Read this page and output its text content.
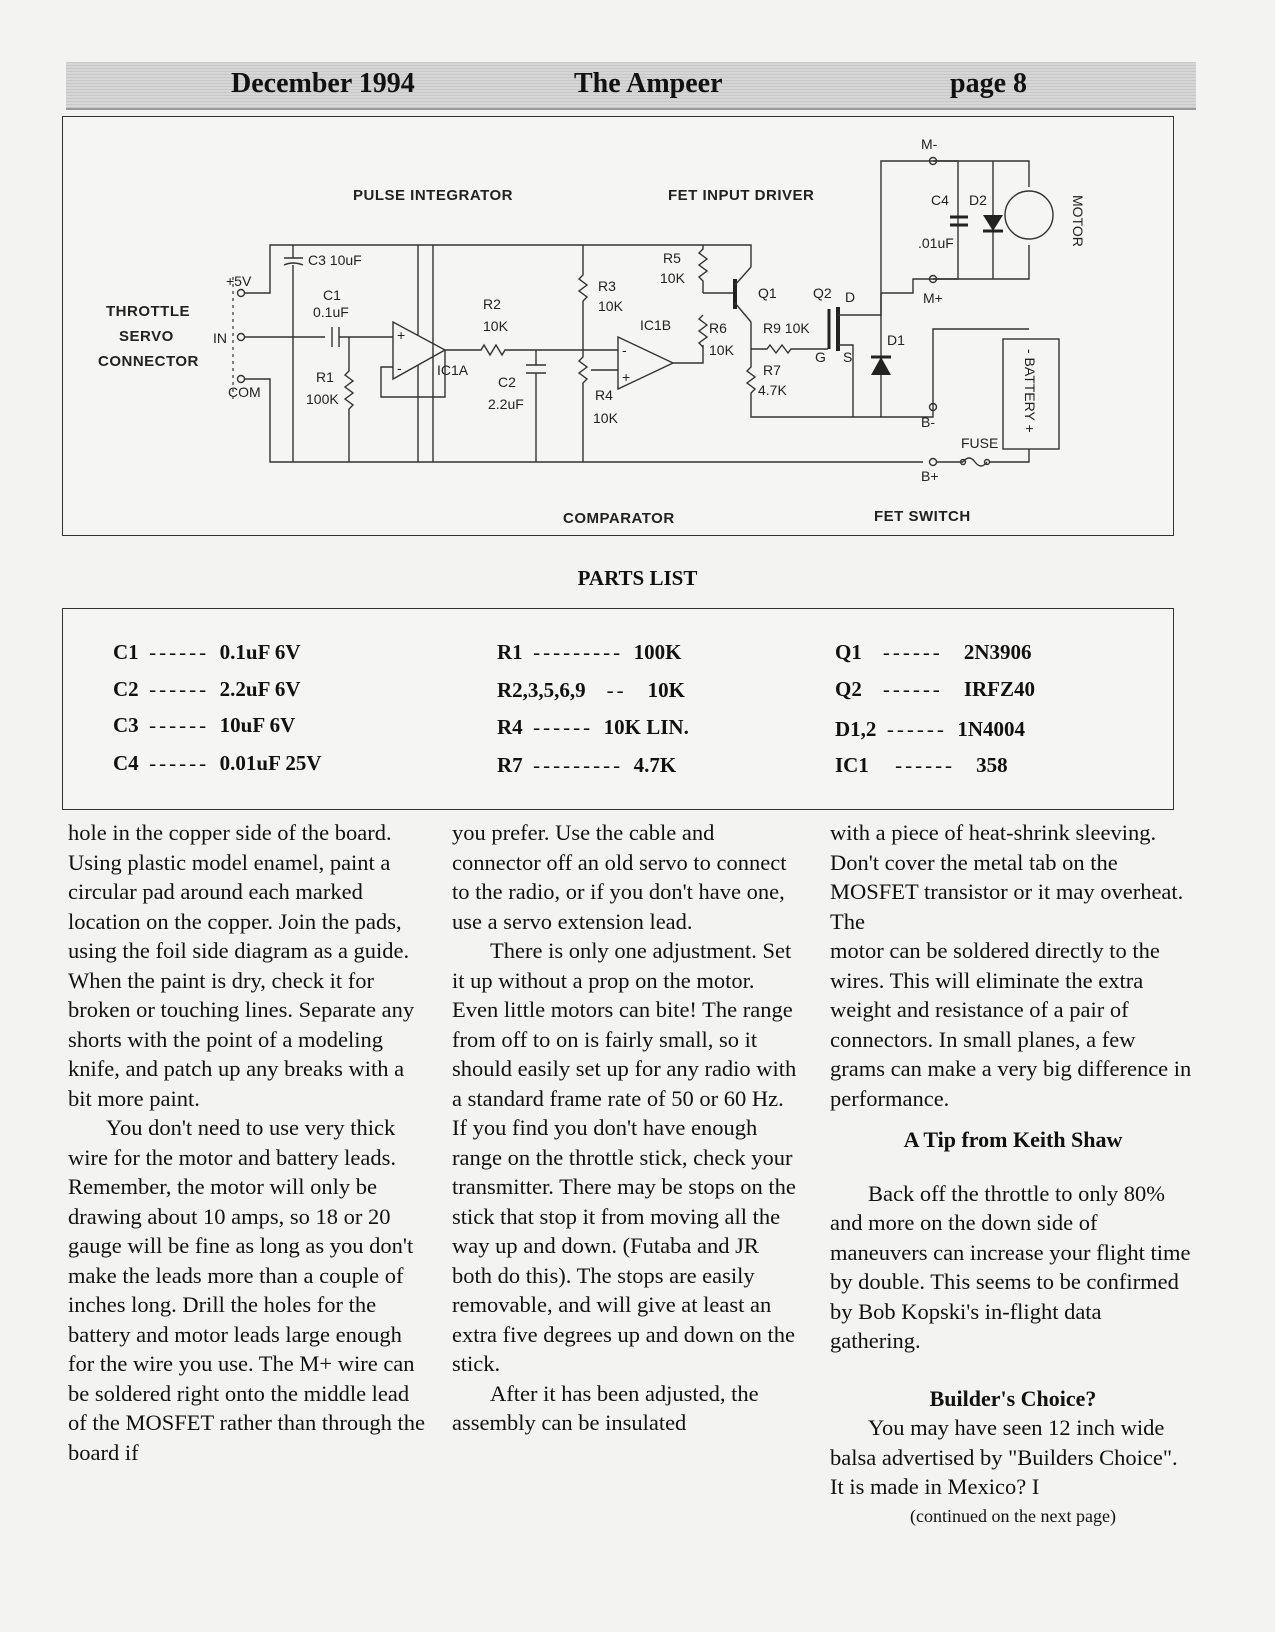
December 1994	The Ampeer	page 8
PULSE INTEGRATOR	FET INPUT DRIVER
COMPARATOR	FET SWITCH
THROTTLE
SERVO
CONNECTOR
+5V
IN
COM
C3 10uF
C1
0.1uF
R1
100K
+
-	IC1A
R2
10K
C2
2.2uF
R3
10K
R4
10K
-
+
IC1B
R5
10K
Q1
R6
10K
R9 10K
R7
4.7K
Q2 D
G S
D1
M+
M-
C4
.01uF
D2	MOTOR
B-	- BATTERY +
B+
FUSE
PARTS LIST
C1 ------ 0.1uF 6V
C2 ------ 2.2uF 6V
C3 ------ 10uF 6V
C4 ------ 0.01uF 25V
R1 --------- 100K
R2,3,5,6,9 -- 10K
R4 ------ 10K LIN.
R7 --------- 4.7K
Q1 ------ 2N3906
Q2 ------ IRFZ40
D1,2 ------ 1N4004
IC1 ------ 358

hole in the copper side of the board. Using plastic model enamel, paint a circular pad around each marked location on the copper. Join the pads, using the foil side diagram as a guide. When the paint is dry, check it for broken or touching lines. Separate any shorts with the point of a modeling knife, and patch up any breaks with a bit more paint.

You don't need to use very thick wire for the motor and battery leads. Remember, the motor will only be drawing about 10 amps, so 18 or 20 gauge will be fine as long as you don't make the leads more than a couple of inches long. Drill the holes for the battery and motor leads large enough for the wire you use. The M+ wire can be soldered right onto the middle lead of the MOSFET rather than through the board if

you prefer. Use the cable and connector off an old servo to connect to the radio, or if you don't have one, use a servo extension lead.

There is only one adjustment. Set it up without a prop on the motor. Even little motors can bite! The range from off to on is fairly small, so it should easily set up for any radio with a standard frame rate of 50 or 60 Hz. If you find you don't have enough range on the throttle stick, check your transmitter. There may be stops on the stick that stop it from moving all the way up and down. (Futaba and JR both do this). The stops are easily removable, and will give at least an extra five degrees up and down on the stick.

After it has been adjusted, the assembly can be insulated

with a piece of heat-shrink sleeving. Don't cover the metal tab on the MOSFET transistor or it may overheat. The

motor can be soldered directly to the wires. This will eliminate the extra weight and resistance of a pair of connectors. In small planes, a few grams can make a very big difference in performance.

A Tip from Keith Shaw

Back off the throttle to only 80% and more on the down side of maneuvers can increase your flight time by double. This seems to be confirmed by Bob Kopski's in-flight data gathering.

Builder's Choice?

You may have seen 12 inch wide balsa advertised by "Builders Choice". It is made in Mexico? I

(continued on the next page)
